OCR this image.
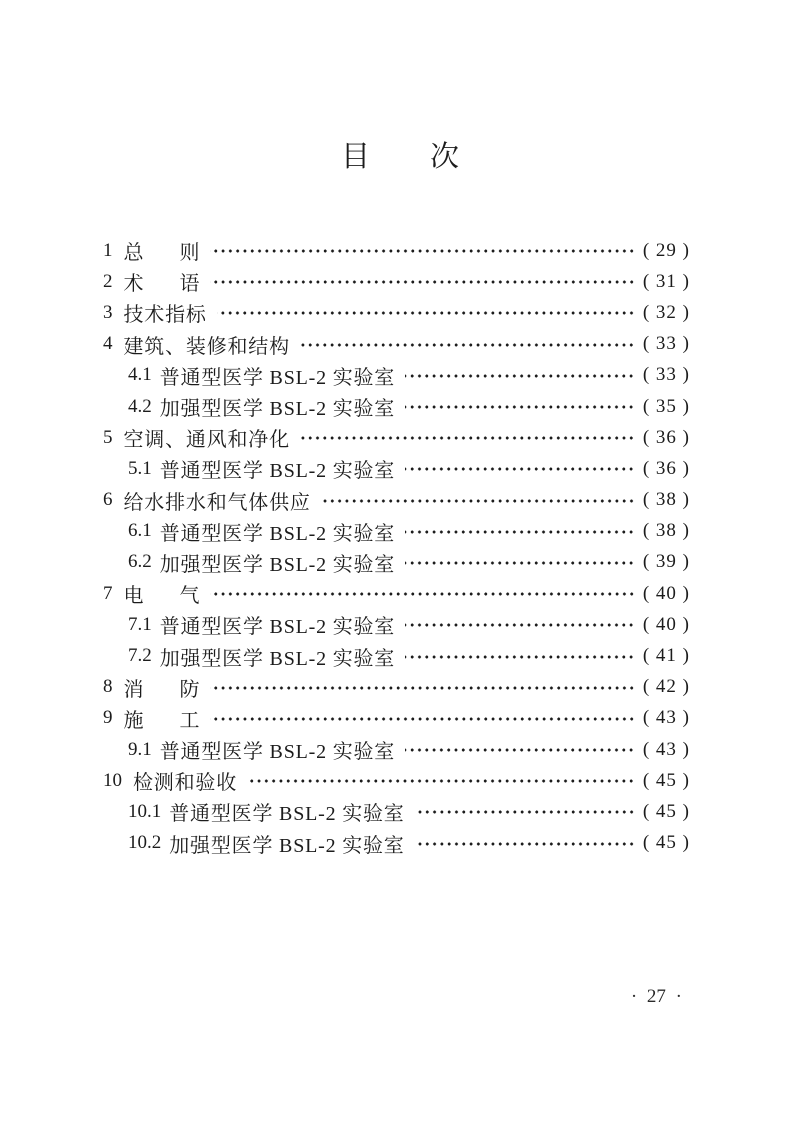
目 次
1 总 则	( 29 )
2 术 语	( 31 )
3 技术指标	( 32 )
4 建筑、装修和结构	( 33 )
4.1 普通型医学 BSL-2 实验室	( 33 )
4.2 加强型医学 BSL-2 实验室	( 35 )
5 空调、通风和净化	( 36 )
5.1 普通型医学 BSL-2 实验室	( 36 )
6 给水排水和气体供应	( 38 )
6.1 普通型医学 BSL-2 实验室	( 38 )
6.2 加强型医学 BSL-2 实验室	( 39 )
7 电 气	( 40 )
7.1 普通型医学 BSL-2 实验室	( 40 )
7.2 加强型医学 BSL-2 实验室	( 41 )
8 消 防	( 42 )
9 施 工	( 43 )
9.1 普通型医学 BSL-2 实验室	( 43 )
10 检测和验收	( 45 )
10.1 普通型医学 BSL-2 实验室	( 45 )
10.2 加强型医学 BSL-2 实验室	( 45 )
· 27 ·
